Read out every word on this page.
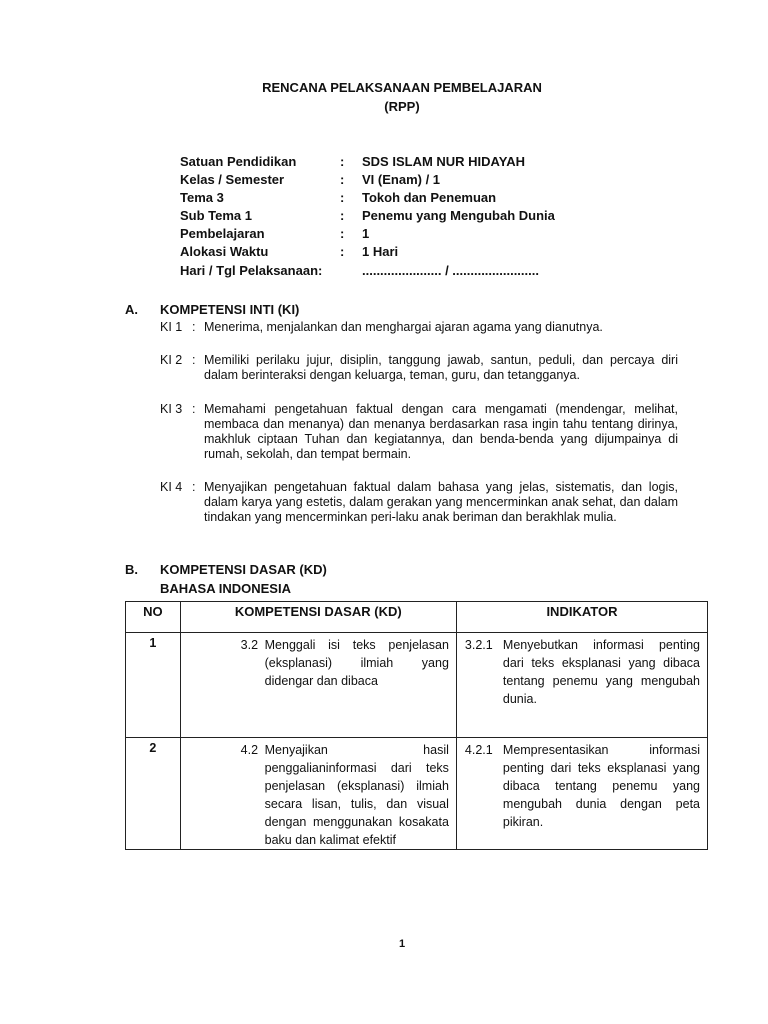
RENCANA PELAKSANAAN PEMBELAJARAN
(RPP)
Satuan Pendidikan	: SDS ISLAM NUR HIDAYAH
Kelas / Semester	: VI (Enam) / 1
Tema 3	: Tokoh dan Penemuan
Sub Tema 1	: Penemu yang Mengubah Dunia
Pembelajaran	: 1
Alokasi Waktu	: 1 Hari
Hari / Tgl Pelaksanaan:	...................... / ........................
A. KOMPETENSI INTI (KI)
KI 1 : Menerima, menjalankan dan menghargai ajaran agama yang dianutnya.
KI 2 : Memiliki perilaku jujur, disiplin, tanggung jawab, santun, peduli, dan percaya diri dalam berinteraksi dengan keluarga, teman, guru, dan tetangganya.
KI 3 : Memahami pengetahuan faktual dengan cara mengamati (mendengar, melihat, membaca dan menanya) dan menanya berdasarkan rasa ingin tahu tentang dirinya, makhluk ciptaan Tuhan dan kegiatannya, dan benda-benda yang dijumpainya di rumah, sekolah, dan tempat bermain.
KI 4 : Menyajikan pengetahuan faktual dalam bahasa yang jelas, sistematis, dan logis, dalam karya yang estetis, dalam gerakan yang mencerminkan anak sehat, dan dalam tindakan yang mencerminkan peri-laku anak beriman dan berakhlak mulia.
B. KOMPETENSI DASAR (KD)
BAHASA INDONESIA
NO	KOMPETENSI DASAR (KD)	INDIKATOR
1	3.2 Menggali isi teks penjelasan (eksplanasi) ilmiah yang didengar dan dibaca	3.2.1 Menyebutkan informasi penting dari teks eksplanasi yang dibaca tentang penemu yang mengubah dunia.

2	4.2 Menyajikan hasil penggalianinformasi dari teks penjelasan (eksplanasi) ilmiah secara lisan, tulis, dan visual dengan menggunakan kosakata baku dan kalimat efektif	4.2.1 Mempresentasikan informasi penting dari teks eksplanasi yang dibaca tentang penemu yang mengubah dunia dengan peta pikiran.
1
